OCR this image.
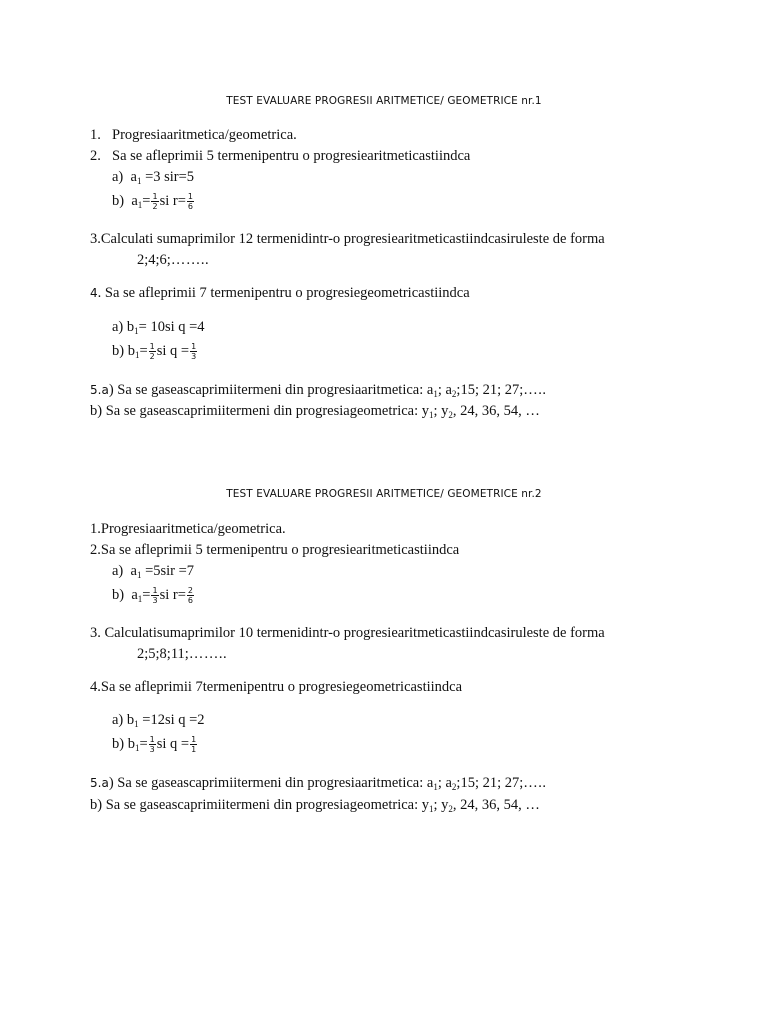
TEST EVALUARE PROGRESII ARITMETICE/ GEOMETRICE nr.1
1. Progresiaaritmetica/geometrica.
2. Sa se afleprimii 5 termenipentru o progresiearitmeticastiindca
a) $a_1 =3$ sir=5
b) $a_1= \frac{1}{2}$ si $r= \frac{1}{6}$
3.Calculati sumaprimilor 12 termenidintr-o progresiearitmeticastiindcasiruleste de forma
2;4;6;……..
4. Sa se afleprimii 7 termenipentru o progresiegeometricastiindca
a) $b_1= 10si$ q =4
b) $b_1= \frac{1}{2}$ si $q = \frac{1}{3}$
5.a) Sa se gaseascaprimiitermeni din progresiaaritmetica: $a_1$; $a_2;15$; 21; 27;…..
b) Sa se gaseascaprimiitermeni din progresiageometrica: $y_1$; $y_2$, 24, 36, 54, …
TEST EVALUARE PROGRESII ARITMETICE/ GEOMETRICE nr.2
1.Progresiaaritmetica/geometrica.
2.Sa se afleprimii 5 termenipentru o progresiearitmeticastiindca
a) $a_1 =5sir =7$
b) $a_1= \frac{1}{3}$ si $r= \frac{2}{6}$
3. Calculatisumaprimilor 10 termenidintr-o progresiearitmeticastiindcasiruleste de forma
2;5;8;11;……..
4.Sa se afleprimii 7termenipentru o progresiegeometricastiindca
a) $b_1 =12si$ q =2
b) $b_1= \frac{1}{3}$ si $q = \frac{1}{1}$
5.a) Sa se gaseascaprimiitermeni din progresiaaritmetica: $a_1$; $a_2;15$; 21; 27;…..
b) Sa se gaseascaprimiitermeni din progresiageometrica: $y_1$; $y_2$, 24, 36, 54, …
